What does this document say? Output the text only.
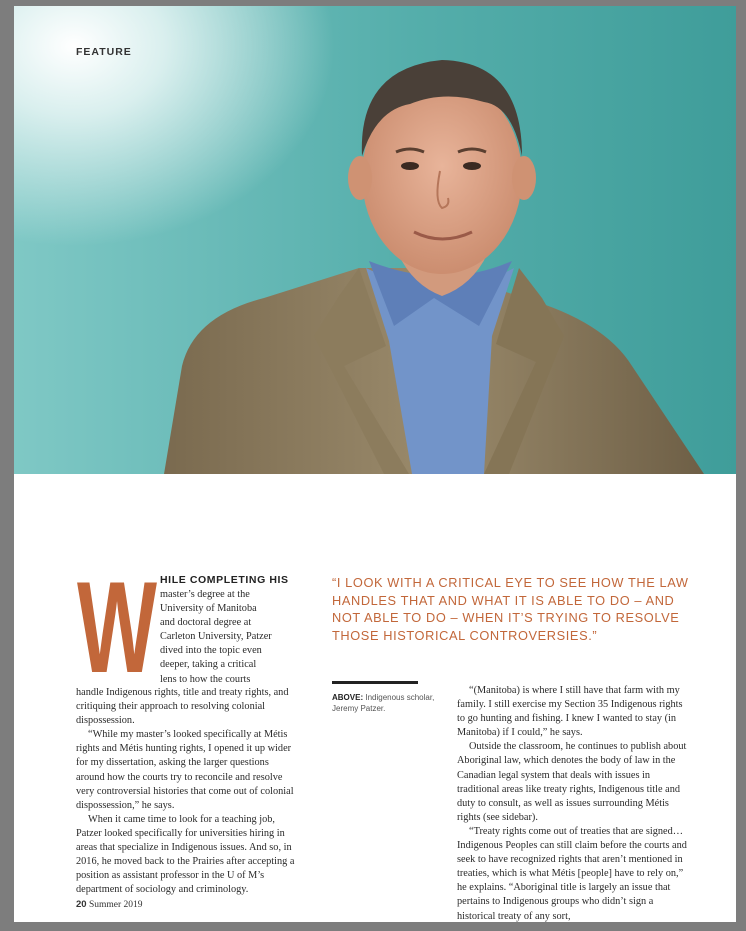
FEATURE
W HILE COMPLETING HIS
master’s degree at the
University of Manitoba
and doctoral degree at
Carleton University, Patzer
dived into the topic even
deeper, taking a critical
lens to how the courts

handle Indigenous rights, title and treaty rights, and critiquing their approach to resolving colonial dispossession.

“While my master’s looked specifically at Métis rights and Métis hunting rights, I opened it up wider for my dissertation, asking the larger questions around how the courts try to reconcile and resolve very controversial histories that come out of colonial dispossession,” he says.

When it came time to look for a teaching job, Patzer looked specifically for universities hiring in areas that specialize in Indigenous issues. And so, in 2016, he moved back to the Prairies after accepting a position as assistant professor in the U of M’s department of sociology and criminology.

“I LOOK WITH A CRITICAL EYE TO SEE HOW THE LAW HANDLES THAT AND WHAT IT IS ABLE TO DO – AND NOT ABLE TO DO – WHEN IT’S TRYING TO RESOLVE THOSE HISTORICAL CONTROVERSIES.”
ABOVE: Indigenous scholar, Jeremy Patzer.

“(Manitoba) is where I still have that farm with my family. I still exercise my Section 35 Indigenous rights to go hunting and fishing. I knew I wanted to stay (in Manitoba) if I could,” he says.

Outside the classroom, he continues to publish about Aboriginal law, which denotes the body of law in the Canadian legal system that deals with issues in traditional areas like treaty rights, Indigenous title and duty to consult, as well as issues surrounding Métis rights (see sidebar).

“Treaty rights come out of treaties that are signed… Indigenous Peoples can still claim before the courts and seek to have recognized rights that aren’t mentioned in treaties, which is what Métis [people] have to rely on,” he explains. “Aboriginal title is largely an issue that pertains to Indigenous groups who didn’t sign a historical treaty of any sort,

20 Summer 2019
